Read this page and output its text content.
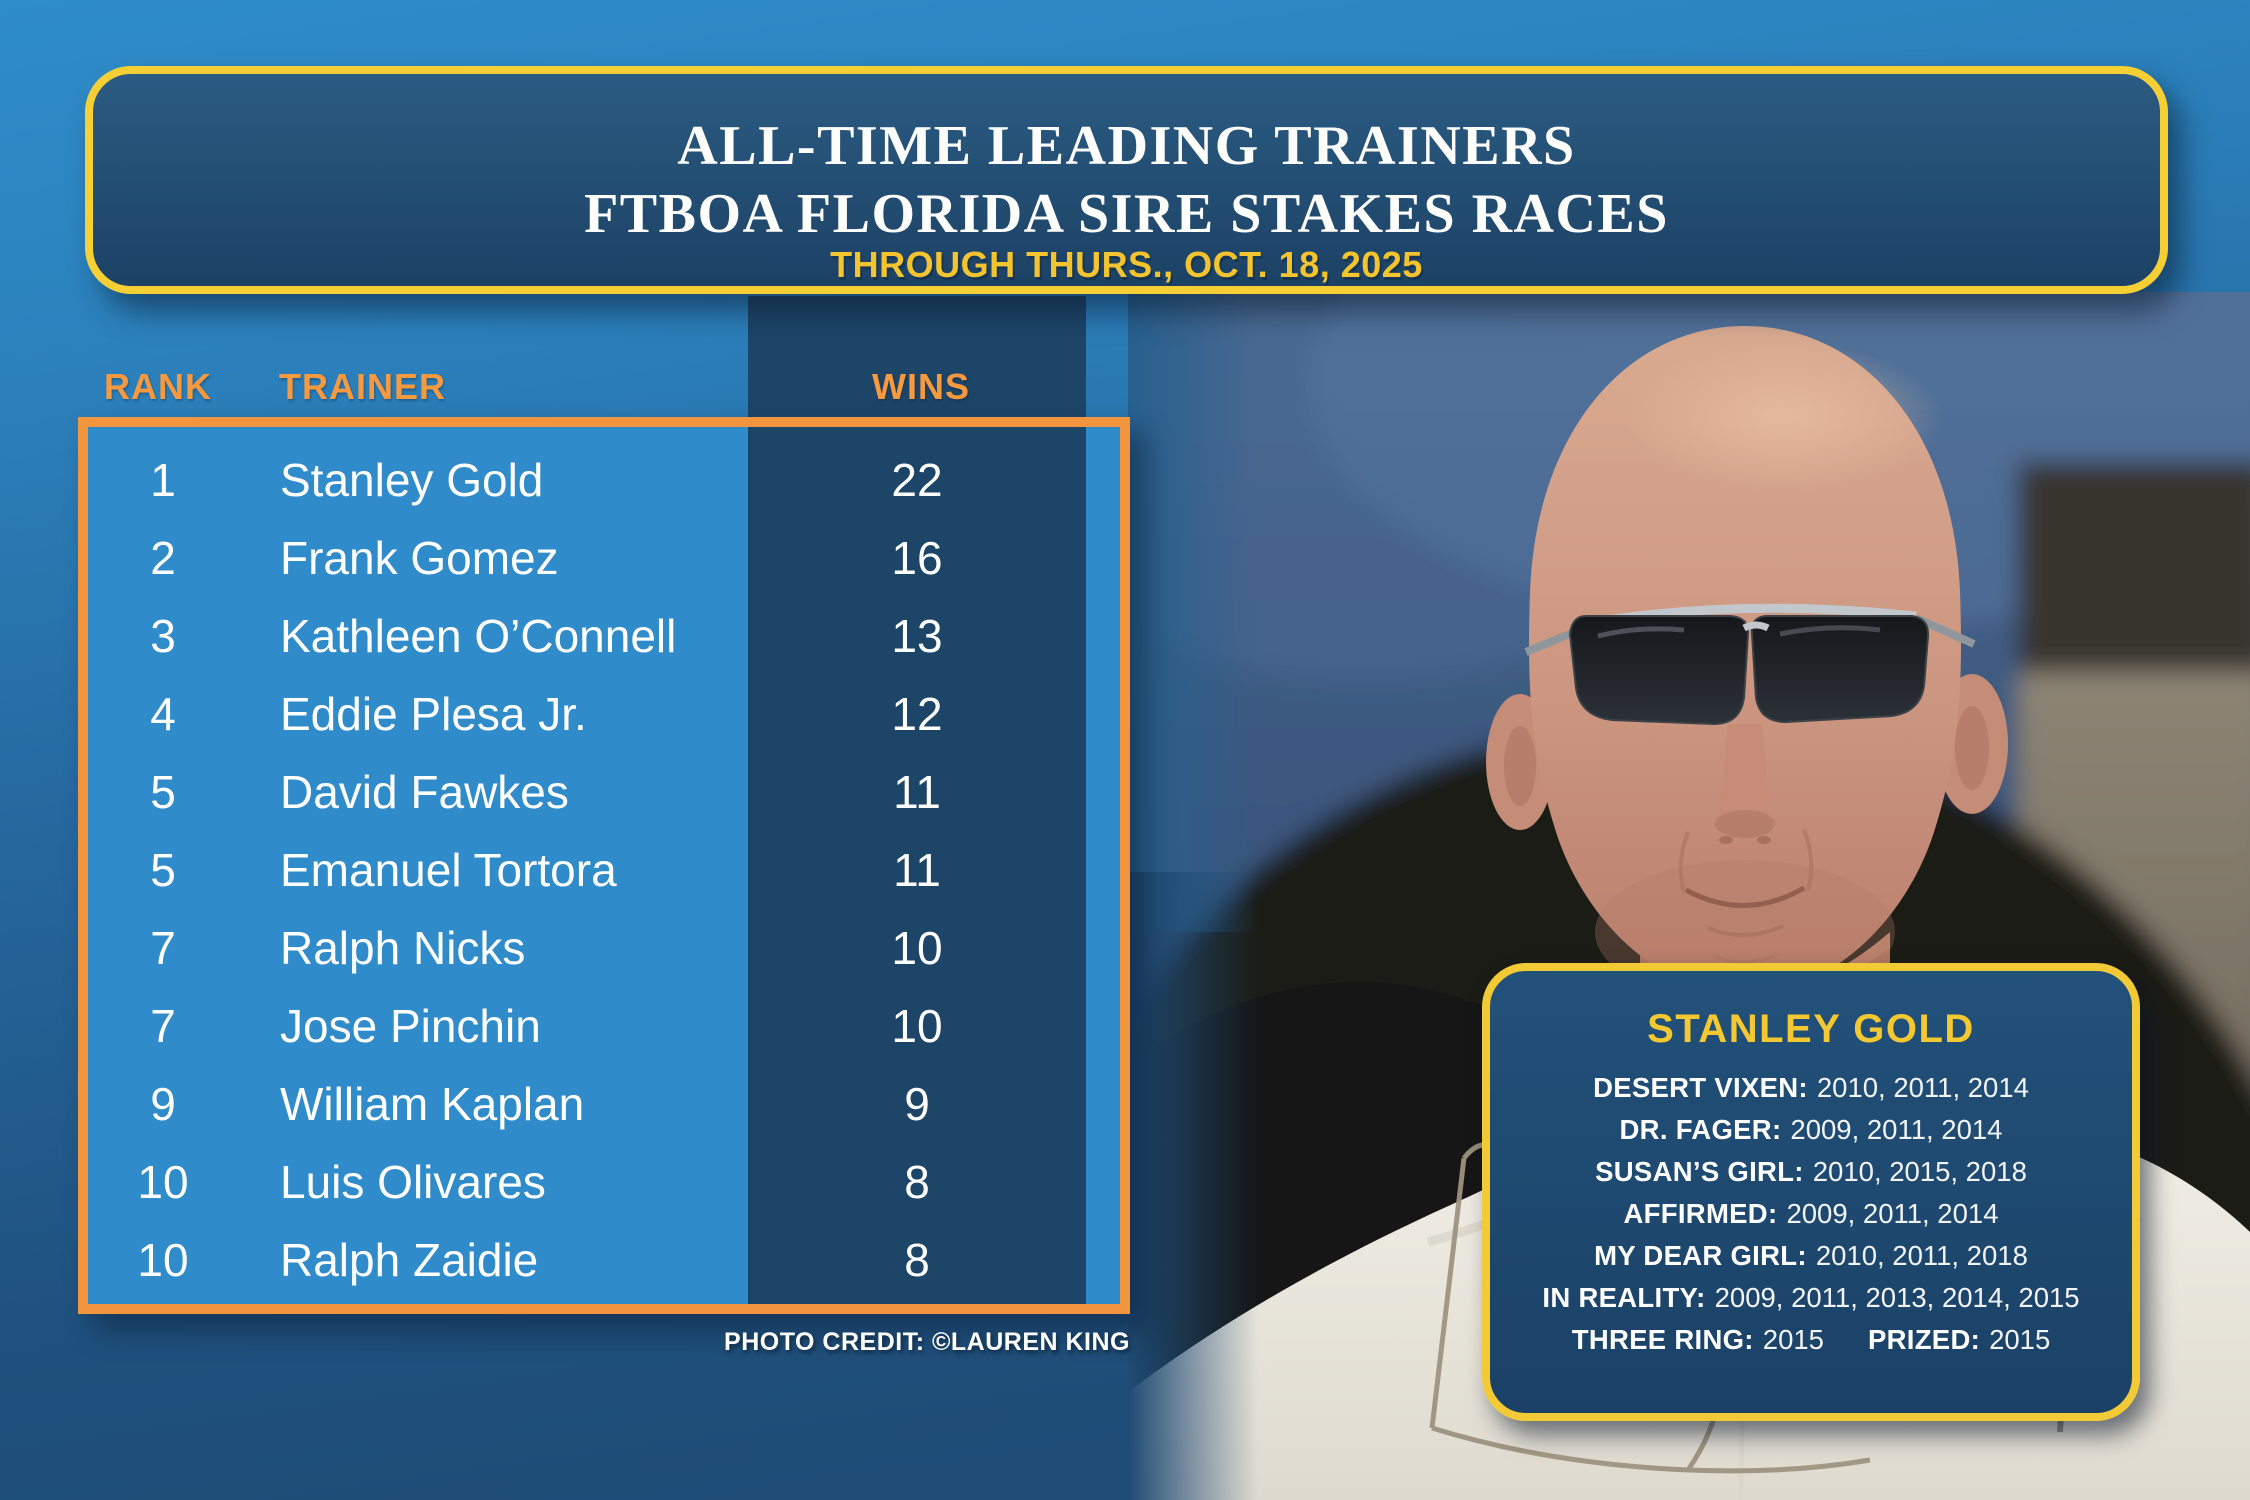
ALL-TIME LEADING TRAINERS
FTBOA FLORIDA SIRE STAKES RACES
THROUGH THURS., OCT. 18, 2025
RANK TRAINER	WINS
1	Stanley Gold	22
2	Frank Gomez	16
3	Kathleen O’Connell	13
4	Eddie Plesa Jr.	12
5	David Fawkes	11
5	Emanuel Tortora	11
7	Ralph Nicks	10
7	Jose Pinchin	10
9	William Kaplan	9
10	Luis Olivares	8
10	Ralph Zaidie	8
PHOTO CREDIT: ©LAUREN KING
STANLEY GOLD
DESERT VIXEN: 2010, 2011, 2014
DR. FAGER: 2009, 2011, 2014
SUSAN’S GIRL: 2010, 2015, 2018
AFFIRMED: 2009, 2011, 2014
MY DEAR GIRL: 2010, 2011, 2018
IN REALITY: 2009, 2011, 2013, 2014, 2015
THREE RING: 2015 PRIZED: 2015
